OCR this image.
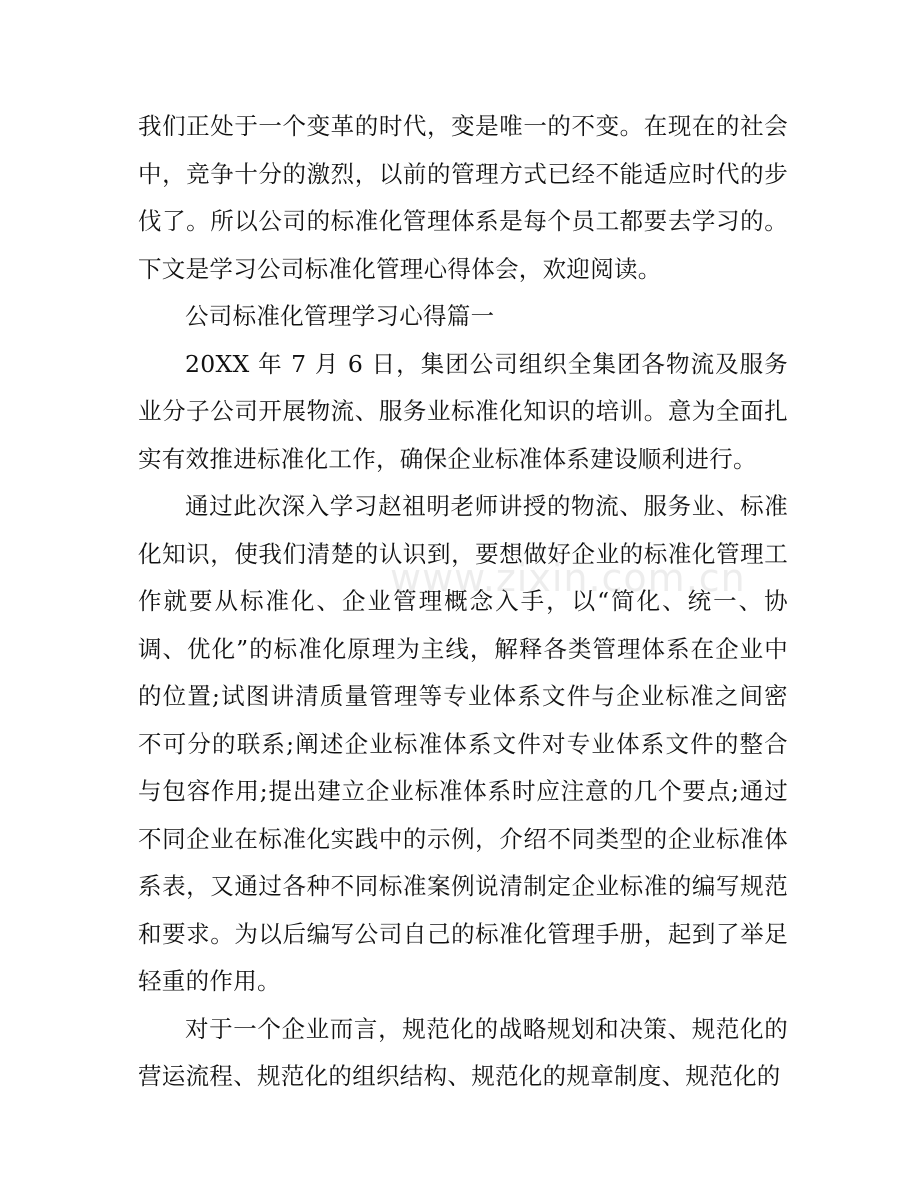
我们正处于一个变革的时代，变是唯一的不变。在现在的社会中，竞争十分的激烈，以前的管理方式已经不能适应时代的步伐了。所以公司的标准化管理体系是每个员工都要去学习的。下文是学习公司标准化管理心得体会，欢迎阅读。

公司标准化管理学习心得篇一

20XX 年 7 月 6 日，集团公司组织全集团各物流及服务业分子公司开展物流、服务业标准化知识的培训。意为全面扎实有效推进标准化工作，确保企业标准体系建设顺利进行。

通过此次深入学习赵祖明老师讲授的物流、服务业、标准化知识，使我们清楚的认识到，要想做好企业的标准化管理工作就要从标准化、企业管理概念入手，以“简化、统一、协调、优化”的标准化原理为主线，解释各类管理体系在企业中的位置;试图讲清质量管理等专业体系文件与企业标准之间密不可分的联系;阐述企业标准体系文件对专业体系文件的整合与包容作用;提出建立企业标准体系时应注意的几个要点;通过不同企业在标准化实践中的示例，介绍不同类型的企业标准体系表，又通过各种不同标准案例说清制定企业标准的编写规范和要求。为以后编写公司自己的标准化管理手册，起到了举足轻重的作用。

对于一个企业而言，规范化的战略规划和决策、规范化的营运流程、规范化的组织结构、规范化的规章制度、规范化的

www.zixin.com.cn
